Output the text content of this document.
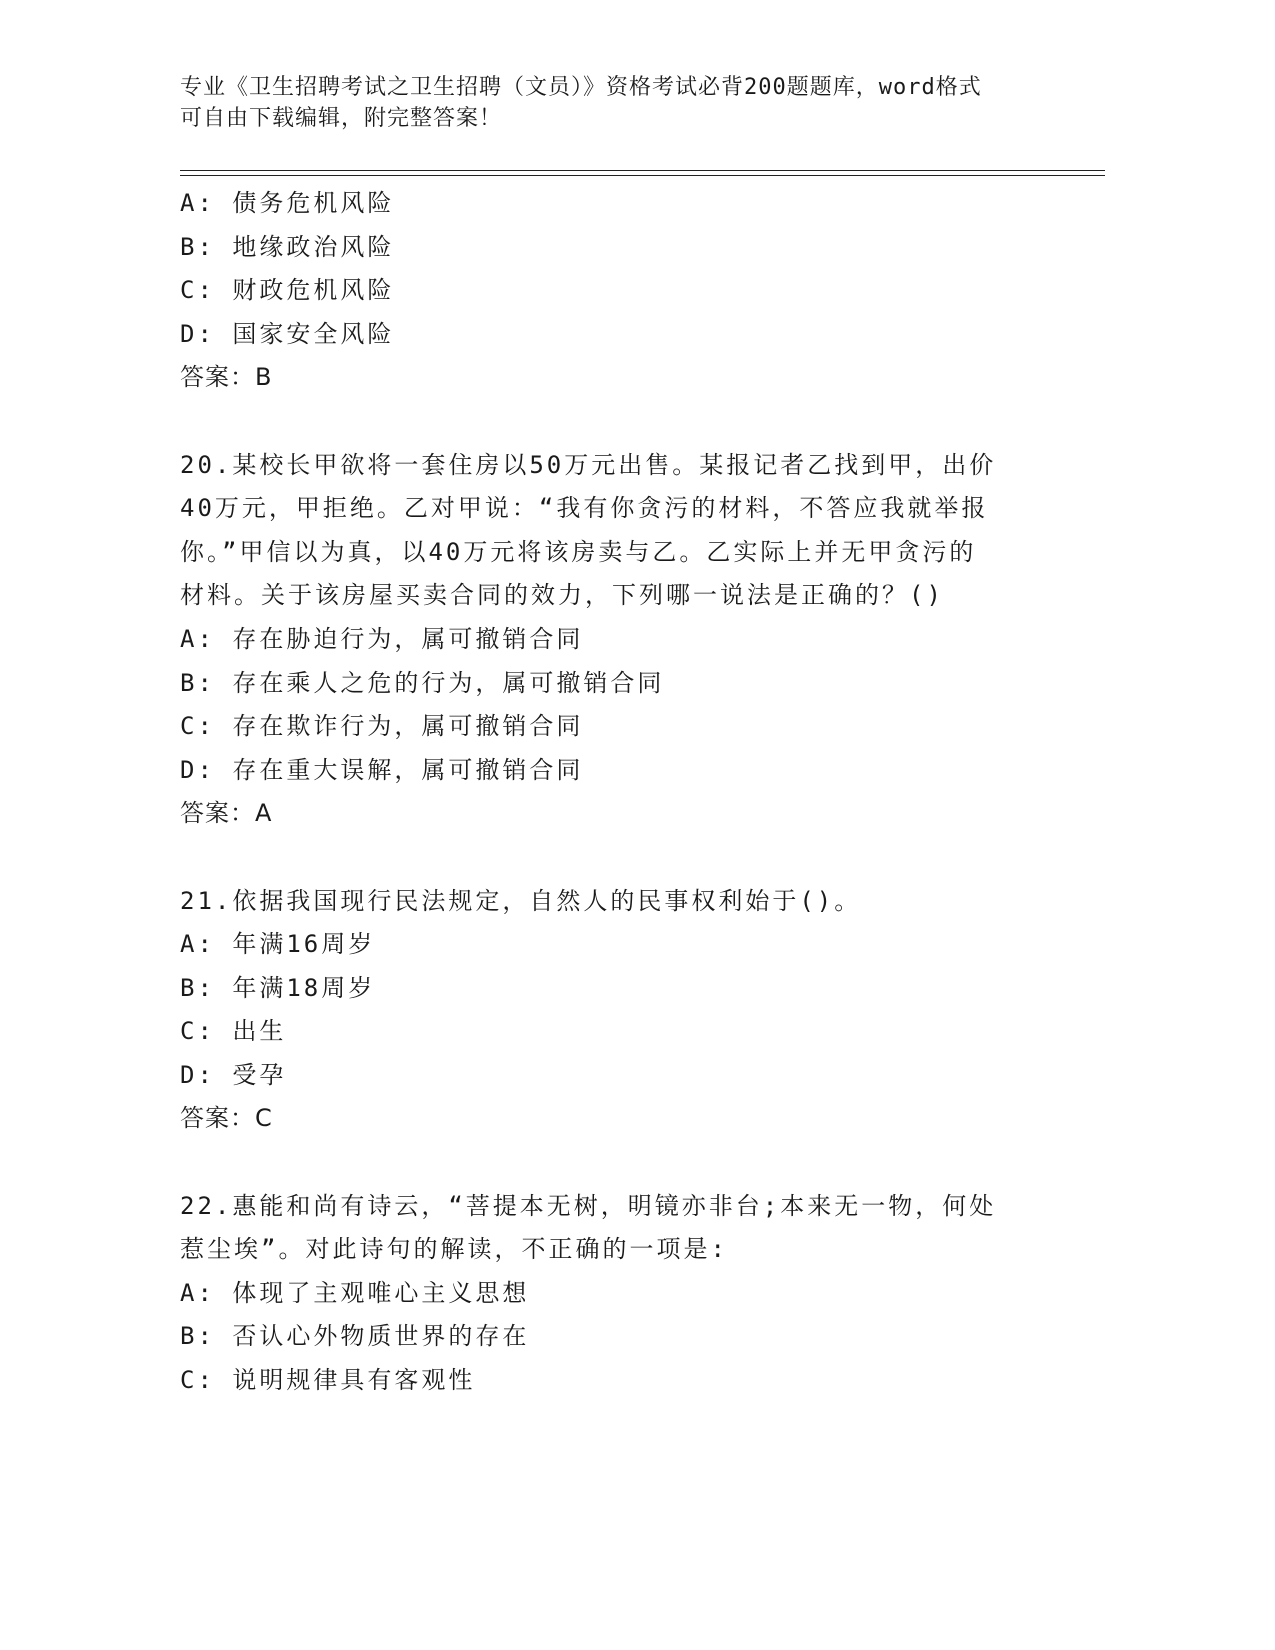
专业《卫生招聘考试之卫生招聘（文员）》资格考试必背200题题库，word格式
可自由下载编辑，附完整答案！
A: 债务危机风险
B: 地缘政治风险
C: 财政危机风险
D: 国家安全风险
答案：B
20.某校长甲欲将一套住房以50万元出售。某报记者乙找到甲，出价
40万元，甲拒绝。乙对甲说：“我有你贪污的材料，不答应我就举报
你。”甲信以为真，以40万元将该房卖与乙。乙实际上并无甲贪污的
材料。关于该房屋买卖合同的效力，下列哪一说法是正确的？()
A: 存在胁迫行为，属可撤销合同
B: 存在乘人之危的行为，属可撤销合同
C: 存在欺诈行为，属可撤销合同
D: 存在重大误解，属可撤销合同
答案：A
21.依据我国现行民法规定，自然人的民事权利始于()。
A: 年满16周岁
B: 年满18周岁
C: 出生
D: 受孕
答案：C
22.惠能和尚有诗云，“菩提本无树，明镜亦非台;本来无一物，何处
惹尘埃”。对此诗句的解读，不正确的一项是:
A: 体现了主观唯心主义思想
B: 否认心外物质世界的存在
C: 说明规律具有客观性
